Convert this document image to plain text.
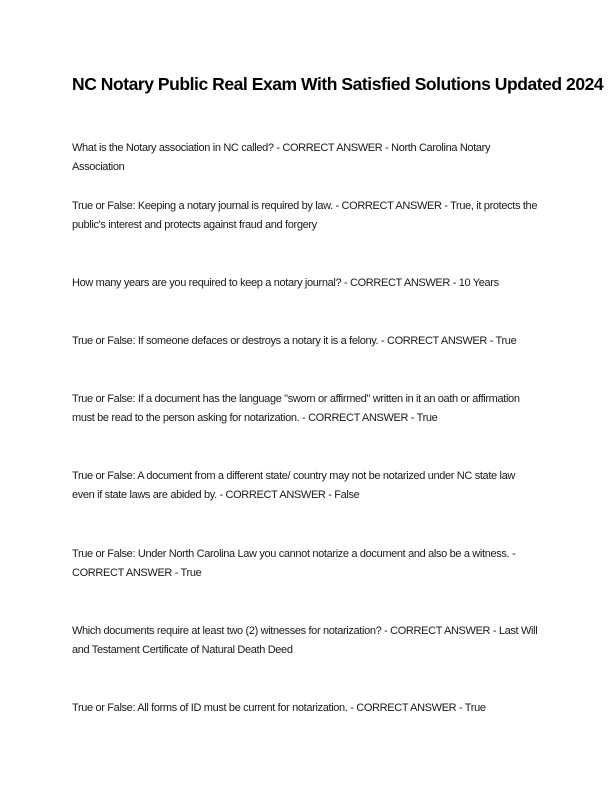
NC Notary Public Real Exam With Satisfied Solutions Updated 2024

What is the Notary association in NC called? - CORRECT ANSWER - North Carolina Notary Association

True or False: Keeping a notary journal is required by law. - CORRECT ANSWER - True, it protects the public's interest and protects against fraud and forgery

How many years are you required to keep a notary journal? - CORRECT ANSWER - 10 Years

True or False: If someone defaces or destroys a notary it is a felony. - CORRECT ANSWER - True

True or False: If a document has the language "sworn or affirmed" written in it an oath or affirmation must be read to the person asking for notarization. - CORRECT ANSWER - True

True or False: A document from a different state/ country may not be notarized under NC state law even if state laws are abided by. - CORRECT ANSWER - False

True or False: Under North Carolina Law you cannot notarize a document and also be a witness. - CORRECT ANSWER - True

Which documents require at least two (2) witnesses for notarization? - CORRECT ANSWER - Last Will and Testament Certificate of Natural Death Deed

True or False: All forms of ID must be current for notarization. - CORRECT ANSWER - True
